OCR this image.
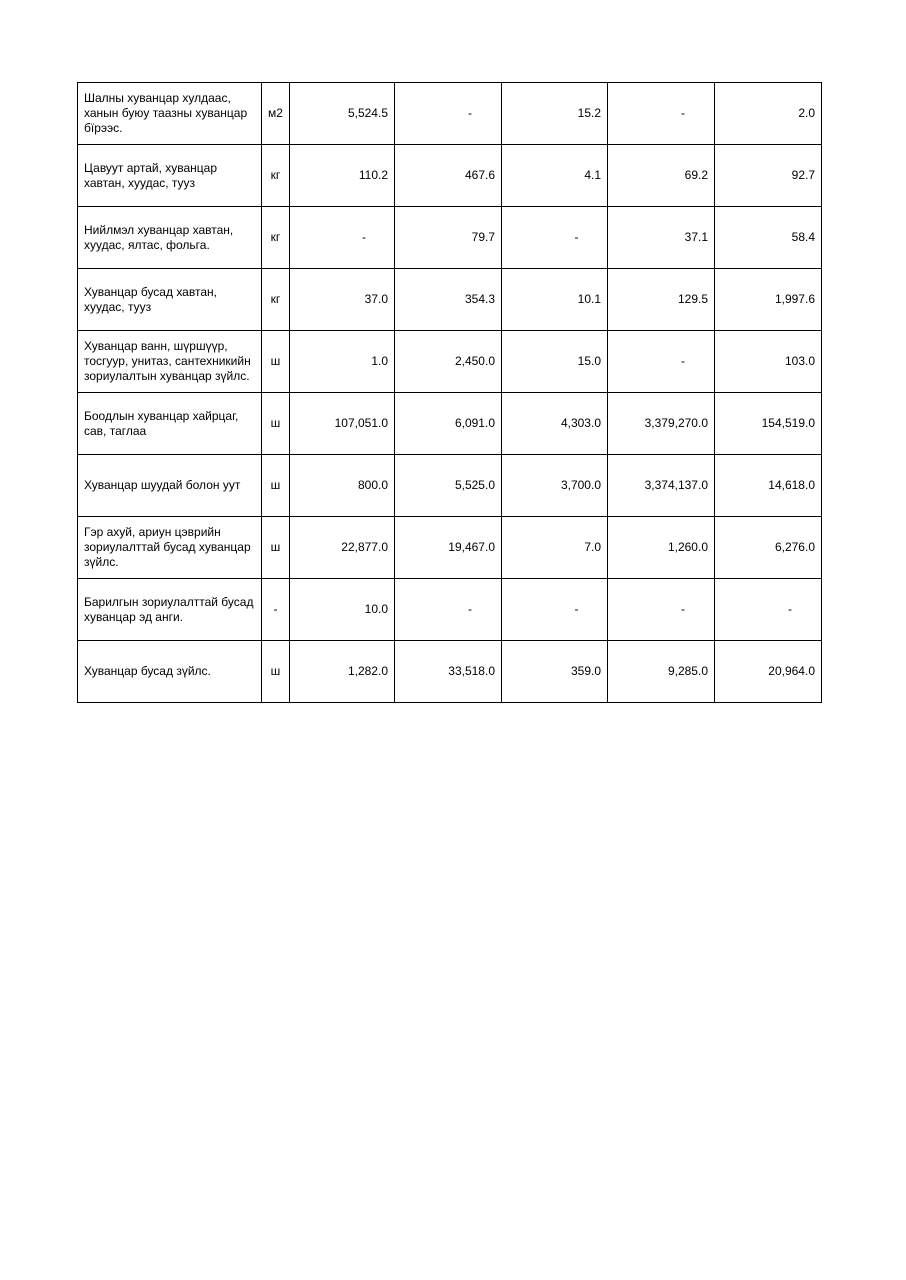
Шалны хуванцар хулдаас, ханын буюу таазны хуванцар бїрээс.	м2	5,524.5	-	15.2	-	2.0
Цавуут артай, хуванцар хавтан, хуудас, тууз	кг	110.2	467.6	4.1	69.2	92.7
Нийлмэл хуванцар хавтан, хуудас, ялтас, фольга.	кг	-	79.7	-	37.1	58.4
Хуванцар бусад хавтан, хуудас, тууз	кг	37.0	354.3	10.1	129.5	1,997.6
Хуванцар ванн, шүршүүр, тосгуур, унитаз, сантехникийн зориулалтын хуванцар зүйлс.	ш	1.0	2,450.0	15.0	-	103.0
Боодлын хуванцар хайрцаг, сав, таглаа	ш	107,051.0	6,091.0	4,303.0	3,379,270.0	154,519.0
Хуванцар шуудай болон уут	ш	800.0	5,525.0	3,700.0	3,374,137.0	14,618.0
Гэр ахуй, ариун цэврийн зориулалттай бусад хуванцар зүйлс.	ш	22,877.0	19,467.0	7.0	1,260.0	6,276.0
Барилгын зориулалттай бусад хуванцар эд анги.	-	10.0	-	-	-	-
Хуванцар бусад зүйлс.	ш	1,282.0	33,518.0	359.0	9,285.0	20,964.0
